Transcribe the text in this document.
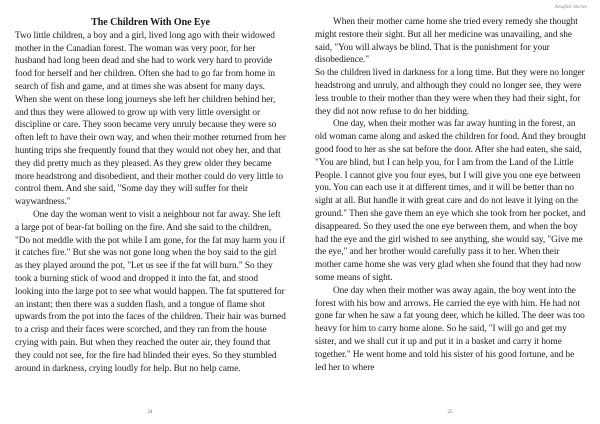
The Children With One Eye

Two little children, a boy and a girl, lived long ago with their widowed mother in the Canadian forest. The woman was very poor, for her husband had long been dead and she had to work very hard to provide food for herself and her children. Often she had to go far from home in search of fish and game, and at times she was absent for many days. When she went on these long journeys she left her children behind her, and thus they were allowed to grow up with very little oversight or discipline or care. They soon became very unruly because they were so often left to have their own way, and when their mother returned from her hunting trips she frequently found that they would not obey her, and that they did pretty much as they pleased. As they grew older they became more headstrong and disobedient, and their mother could do very little to control them. And she said, "Some day they will suffer for their waywardness."

One day the woman went to visit a neighbour not far away. She left a large pot of bear-fat boiling on the fire. And she said to the children, "Do not meddle with the pot while I am gone, for the fat may harm you if it catches fire." But she was not gone long when the boy said to the girl as they played around the pot, "Let us see if the fat will burn." So they took a burning stick of wood and dropped it into the fat, and stood looking into the large pot to see what would happen. The fat sputtered for an instant; then there was a sudden flash, and a tongue of flame shot upwards from the pot into the faces of the children. Their hair was burned to a crisp and their faces were scorched, and they ran from the house crying with pain. But when they reached the outer air, they found that they could not see, for the fire had blinded their eyes. So they stumbled around in darkness, crying loudly for help. But no help came.

24
Aesafale Stories

When their mother came home she tried every remedy she thought might restore their sight. But all her medicine was unavailing, and she said, "You will always be blind. That is the punishment for your disobedience."

So the children lived in darkness for a long time. But they were no longer headstrong and unruly, and although they could no longer see, they were less trouble to their mother than they were when they had their sight, for they did not now refuse to do her bidding.

One day, when their mother was far away hunting in the forest, an old woman came along and asked the children for food. And they brought good food to her as she sat before the door. After she had eaten, she said, "You are blind, but I can help you, for I am from the Land of the Little People. I cannot give you four eyes, but I will give you one eye between you. You can each use it at different times, and it will be better than no sight at all. But handle it with great care and do not leave it lying on the ground." Then she gave them an eye which she took from her pocket, and disappeared. So they used the one eye between them, and when the boy had the eye and the girl wished to see anything, she would say, "Give me the eye," and her brother would carefully pass it to her. When their mother came home she was very glad when she found that they had now some means of sight.

One day when their mother was away again, the boy went into the forest with his bow and arrows. He carried the eye with him. He had not gone far when he saw a fat young deer, which he killed. The deer was too heavy for him to carry home alone. So he said, "I will go and get my sister, and we shall cut it up and put it in a basket and carry it home together." He went home and told his sister of his good fortune, and he led her to where

25
